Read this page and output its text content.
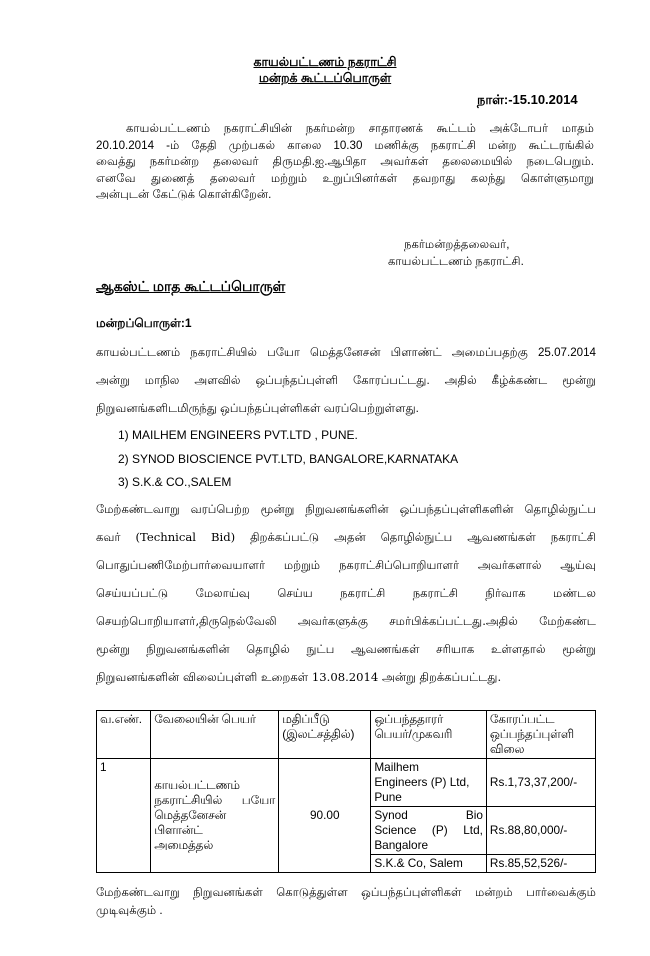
காயல்பட்டணம் நகராட்சி
மன்றக் கூட்டப்பொருள்
நாள்:-15.10.2014
காயல்பட்டணம் நகராட்சியின் நகர்மன்ற சாதாரணக் கூட்டம் அக்டோபர் மாதம்
20.10.2014 -ம் தேதி முற்பகல் காலை 10.30 மணிக்கு நகராட்சி மன்ற கூட்டரங்கில்
வைத்து நகர்மன்ற தலைவர் திருமதி.ஐ.ஆபிதா அவர்கள் தலைமையில் நடைபெறும்.
எனவே துணைத் தலைவர் மற்றும் உறுப்பினர்கள் தவறாது கலந்து கொள்ளுமாறு
அன்புடன் கேட்டுக் கொள்கிறேன்.
நகர்மன்றத்தலைவர்,
காயல்பட்டணம் நகராட்சி.
ஆகஸ்ட் மாத கூட்டப்பொருள்
மன்றப்பொருள்:1
காயல்பட்டணம் நகராட்சியில் பயோ மெத்தனேசன் பிளாண்ட் அமைப்பதற்கு 25.07.2014
அன்று மாநில அளவில் ஒப்பந்தப்புள்ளி கோரப்பட்டது. அதில் கீழ்க்கண்ட மூன்று
நிறுவனங்களிடமிருந்து ஒப்பந்தப்புள்ளிகள் வரப்பெற்றுள்ளது.
1) MAILHEM ENGINEERS PVT.LTD , PUNE.
2) SYNOD BIOSCIENCE PVT.LTD, BANGALORE,KARNATAKA
3) S.K.& CO.,SALEM
மேற்கண்டவாறு வரப்பெற்ற மூன்று நிறுவனங்களின் ஒப்பந்தப்புள்ளிகளின் தொழில்நுட்ப
கவர் (Technical Bid) திறக்கப்பட்டு அதன் தொழில்நுட்ப ஆவணங்கள் நகராட்சி
பொதுப்பணிமேற்பார்வையாளர் மற்றும் நகராட்சிப்பொறியாளர் அவர்களால் ஆய்வு
செய்யப்பட்டு மேலாய்வு செய்ய நகராட்சி நகராட்சி நிர்வாக மண்டல
செயற்பொறியாளர்,திருநெல்வேலி அவர்களுக்கு சமர்பிக்கப்பட்டது.அதில் மேற்கண்ட
மூன்று நிறுவனங்களின் தொழில் நுட்ப ஆவணங்கள் சரியாக உள்ளதால் மூன்று
நிறுவனங்களின் விலைப்புள்ளி உறைகள் 13.08.2014 அன்று திறக்கப்பட்டது.
வ.எண்.	வேலையின் பெயர்	மதிப்பீடு
(இலட்சத்தில்)	ஒப்பந்ததாரர்
பெயர்/முகவரி	கோரப்பட்ட
ஒப்பந்தப்புள்ளி
விலை
1	காயல்பட்டணம்

நகராட்சியில் பயோ
மெத்தனேசன்
பிளான்ட்
அமைத்தல்	90.00	Mailhem
Engineers (P) Ltd,
Pune	Rs.1,73,37,200/-

			Synod Bio
Science (P) Ltd,
Bangalore	Rs.88,80,000/-
			S.K.& Co, Salem	Rs.85,52,526/-
மேற்கண்டவாறு நிறுவனங்கள் கொடுத்துள்ள ஒப்பந்தப்புள்ளிகள் மன்றம் பார்வைக்கும்
முடிவுக்கும் .
